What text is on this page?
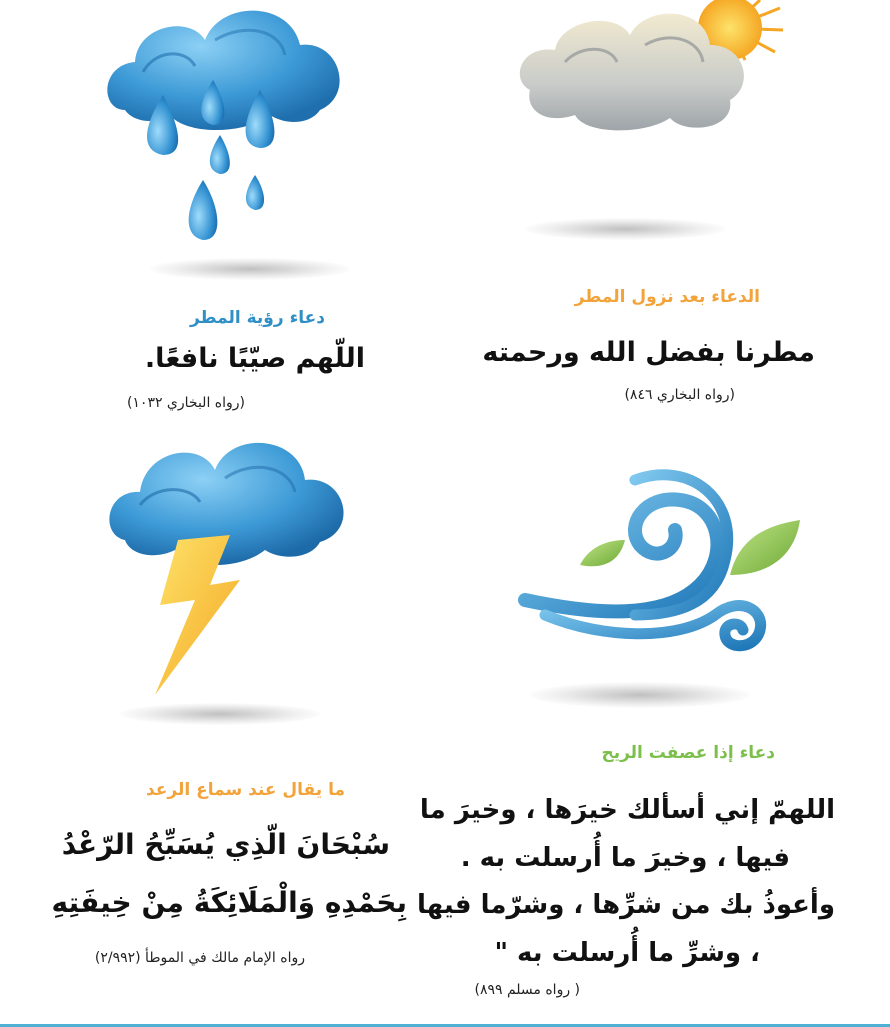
دعاء رؤية المطر
اللّهم صيّبًا نافعًا.
(رواه البخاري ١٠٣٢)
الدعاء بعد نزول المطر
مطرنا بفضل الله ورحمته
(رواه البخاري ٨٤٦)
ما يقال عند سماع الرعد
سُبْحَانَ الّذِي يُسَبِّحُ الرّعْدُ
بِحَمْدِهِ وَالْمَلَائِكَةُ مِنْ خِيفَتِهِ
رواه الإمام مالك في الموطأ (٢/٩٩٢)
دعاء إذا عصفت الريح
اللهمّ إني أسألك خيرَها ، وخيرَ ما
فيها ، وخيرَ ما أُرسلت به .
وأعوذُ بك من شرِّها ، وشرّما فيها
، وشرِّ ما أُرسلت به "
( رواه مسلم ٨٩٩)
